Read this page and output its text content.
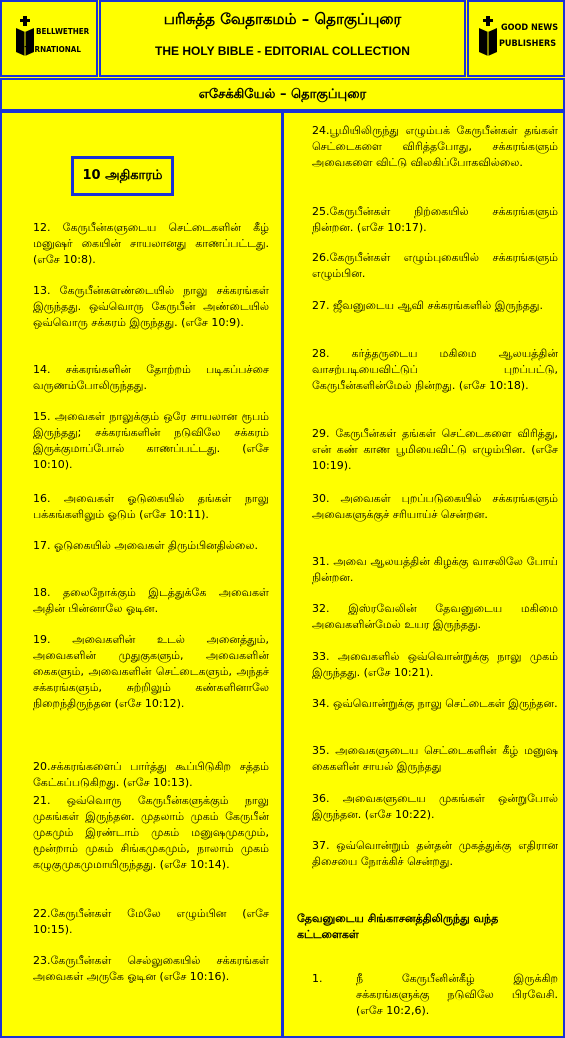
BELLWETHER
INTERNATIONAL
பரிசுத்த வேதாகமம் – தொகுப்புரை
THE HOLY BIBLE - EDITORIAL COLLECTION
GOOD NEWS
PUBLISHERS
எசேக்கியேல் – தொகுப்புரை
10 அதிகாரம்

12. கேருபீன்களுடைய செட்டைகளின் கீழ் மனுஷர் கையின் சாயலானது காணப்பட்டது. (எசே 10:8).

13. கேருபீன்களண்டையில் நாலு சக்கரங்கள் இருந்தது. ஒவ்வொரு கேருபீன் அண்டையில் ஒவ்வொரு சக்கரம் இருந்தது. (எசே 10:9).

14. சக்கரங்களின் தோற்றம் படிகப்பச்சை வருணம்போலிருந்தது.

15. அவைகள் நாலுக்கும் ஒரே சாயலான ரூபம் இருந்தது; சக்கரங்களின் நடுவிலே சக்கரம் இருக்குமாப்போல் காணப்பட்டது. (எசே 10:10).

16. அவைகள் ஓடுகையில் தங்கள் நாலு பக்கங்களிலும் ஓடும் (எசே 10:11).

17. ஓடுகையில் அவைகள் திரும்பினதில்லை.

18. தலைநோக்கும் இடத்துக்கே அவைகள் அதின் பின்னாலே ஓடின.

19. அவைகளின் உடல் அனைத்தும், அவைகளின் முதுகுகளும், அவைகளின் கைகளும், அவைகளின் செட்டைகளும், அந்தச் சக்கரங்களும், சுற்றிலும் கண்களினாலே நிறைந்திருந்தன (எசே 10:12).

20.சக்கரங்களைப் பார்த்து கூப்பிடுகிற சத்தம் கேட்கப்படுகிறது. (எசே 10:13).

21. ஒவ்வொரு கேருபீன்களுக்கும் நாலு முகங்கள் இருந்தன. முதலாம் முகம் கேருபீன் முகமும் இரண்டாம் முகம் மனுஷமுகமும், மூன்றாம் முகம் சிங்கமுகமும், நாலாம் முகம் கழுகுமுகமுமாயிருந்தது. (எசே 10:14).

22.கேருபீன்கள் மேலே எழும்பின (எசே 10:15).

23.கேருபீன்கள் செல்லுகையில் சக்கரங்கள் அவைகள் அருகே ஓடின (எசே 10:16).

24.பூமியிலிருந்து எழும்பக் கேருபீன்கள் தங்கள் செட்டைகளை விரித்தபோது, சக்கரங்களும் அவைகளை விட்டு விலகிப்போகவில்லை.

25.கேருபீன்கள் நிற்கையில் சக்கரங்களும் நின்றன. (எசே 10:17).

26.கேருபீன்கள் எழும்புகையில் சக்கரங்களும் எழும்பின.

27. ஜீவனுடைய ஆவி சக்கரங்களில் இருந்தது.

28. கர்த்தருடைய மகிமை ஆலயத்தின் வாசற்படியைவிட்டுப் புறப்பட்டு, கேருபீன்களின்மேல் நின்றது. (எசே 10:18).

29. கேருபீன்கள் தங்கள் செட்டைகளை விரித்து, என் கண் காண பூமியைவிட்டு எழும்பின. (எசே 10:19).

30. அவைகள் புறப்படுகையில் சக்கரங்களும் அவைகளுக்குச் சரியாய்ச் சென்றன.

31. அவை ஆலயத்தின் கிழக்கு வாசலிலே போய் நின்றன.

32. இஸ்ரவேலின் தேவனுடைய மகிமை அவைகளின்மேல் உயர இருந்தது.

33. அவைகளில் ஒவ்வொன்றுக்கு நாலு முகம் இருந்தது. (எசே 10:21).

34. ஒவ்வொன்றுக்கு நாலு செட்டைகள் இருந்தன.

35. அவைகளுடைய செட்டைகளின் கீழ் மனுஷ கைகளின் சாயல் இருந்தது

36. அவைகளுடைய முகங்கள் ஒன்றுபோல் இருந்தன. (எசே 10:22).

37. ஒவ்வொன்றும் தன்தன் முகத்துக்கு எதிரான திசையை நோக்கிச் சென்றது.

தேவனுடைய சிங்காசனத்திலிருந்து வந்த கட்டளைகள்
1.	நீ கேருபீனின்கீழ் இருக்கிற சக்கரங்களுக்கு நடுவிலே பிரவேசி. (எசே 10:2,6).
